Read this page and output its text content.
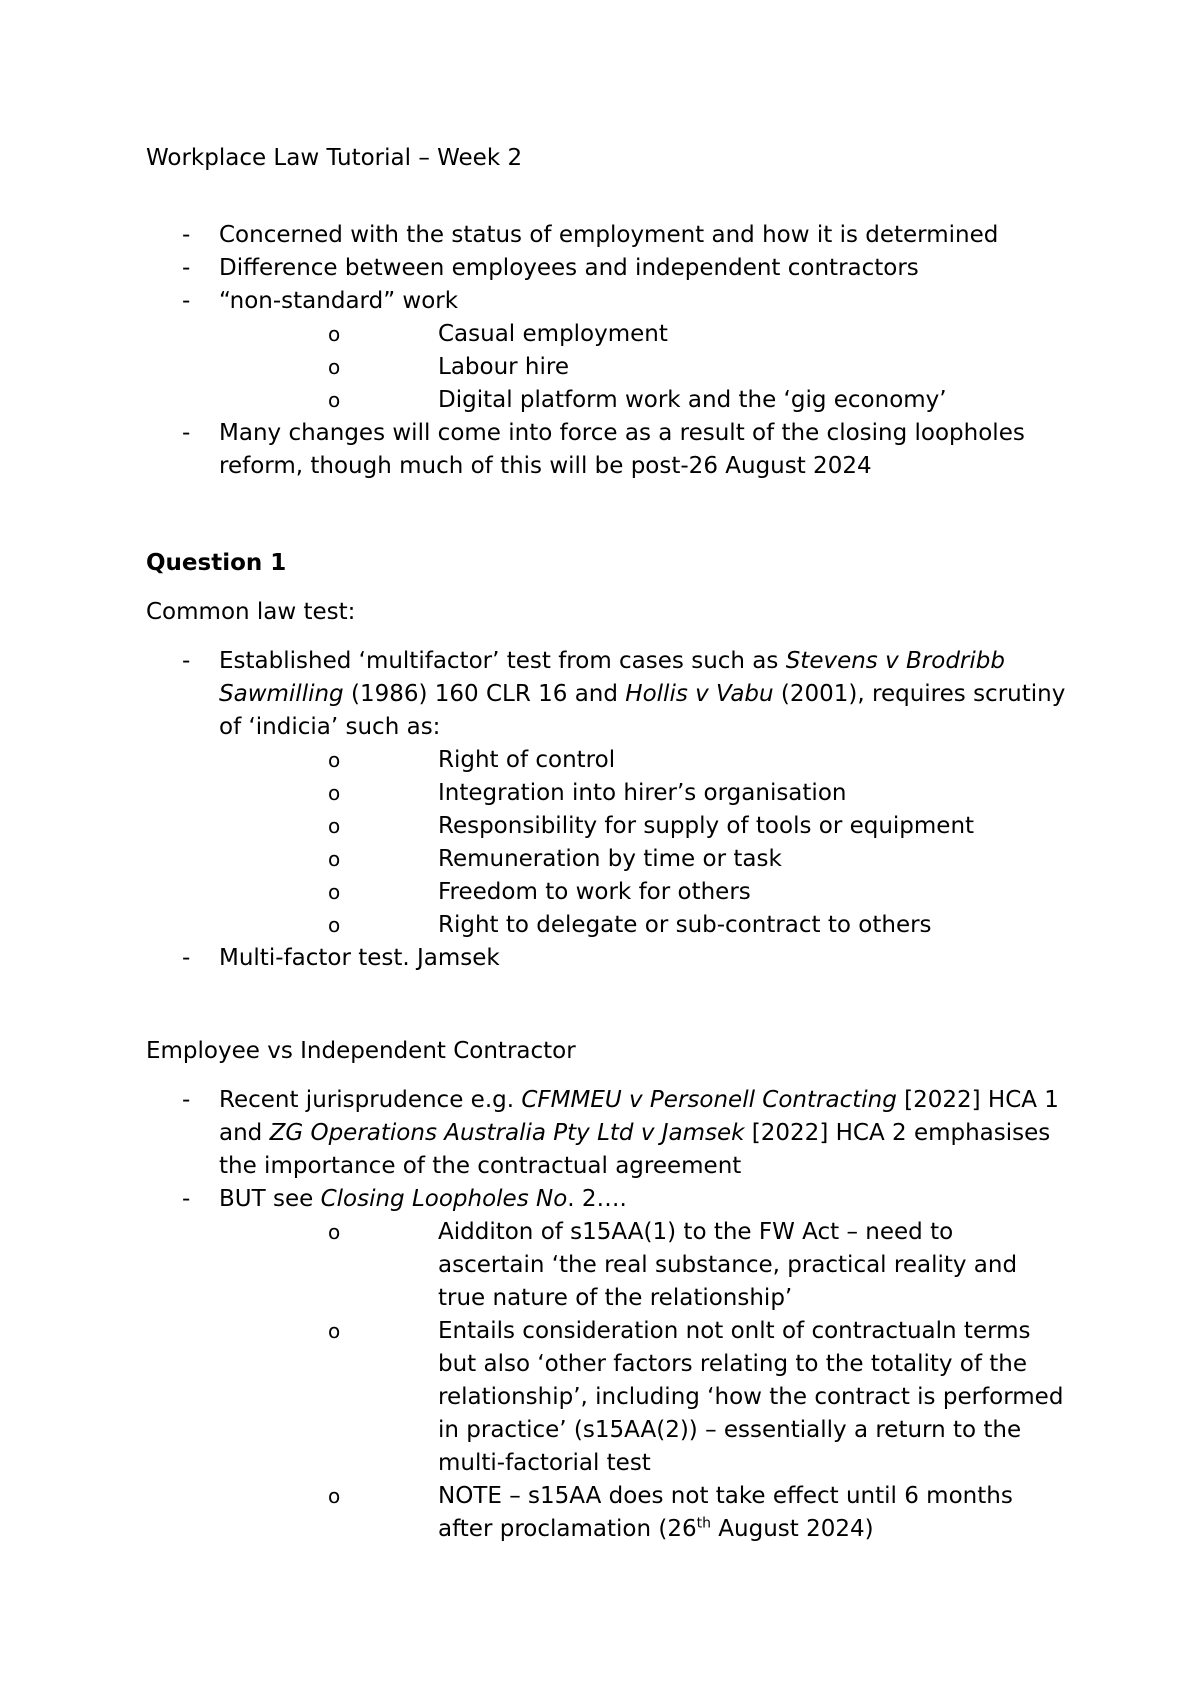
Workplace Law Tutorial – Week 2

- Concerned with the status of employment and how it is determined
- Difference between employees and independent contractors
- “non-standard” work
o Casual employment
o Labour hire
o Digital platform work and the ‘gig economy’
- Many changes will come into force as a result of the closing loopholes reform, though much of this will be post-26 August 2024

Question 1

Common law test:

- Established ‘multifactor’ test from cases such as Stevens v Brodribb Sawmilling (1986) 160 CLR 16 and Hollis v Vabu (2001), requires scrutiny of ‘indicia’ such as:
o Right of control
o Integration into hirer’s organisation
o Responsibility for supply of tools or equipment
o Remuneration by time or task
o Freedom to work for others
o Right to delegate or sub-contract to others
- Multi-factor test. Jamsek

Employee vs Independent Contractor

- Recent jurisprudence e.g. CFMMEU v Personell Contracting [2022] HCA 1 and ZG Operations Australia Pty Ltd v Jamsek [2022] HCA 2 emphasises the importance of the contractual agreement
- BUT see Closing Loopholes No. 2….
o Aidditon of s15AA(1) to the FW Act – need to ascertain ‘the real substance, practical reality and true nature of the relationship’
o Entails consideration not onlt of contractualn terms but also ‘other factors relating to the totality of the relationship’, including ‘how the contract is performed in practice’ (s15AA(2)) – essentially a return to the multi-factorial test
o NOTE – s15AA does not take effect until 6 months after proclamation (26th August 2024)
